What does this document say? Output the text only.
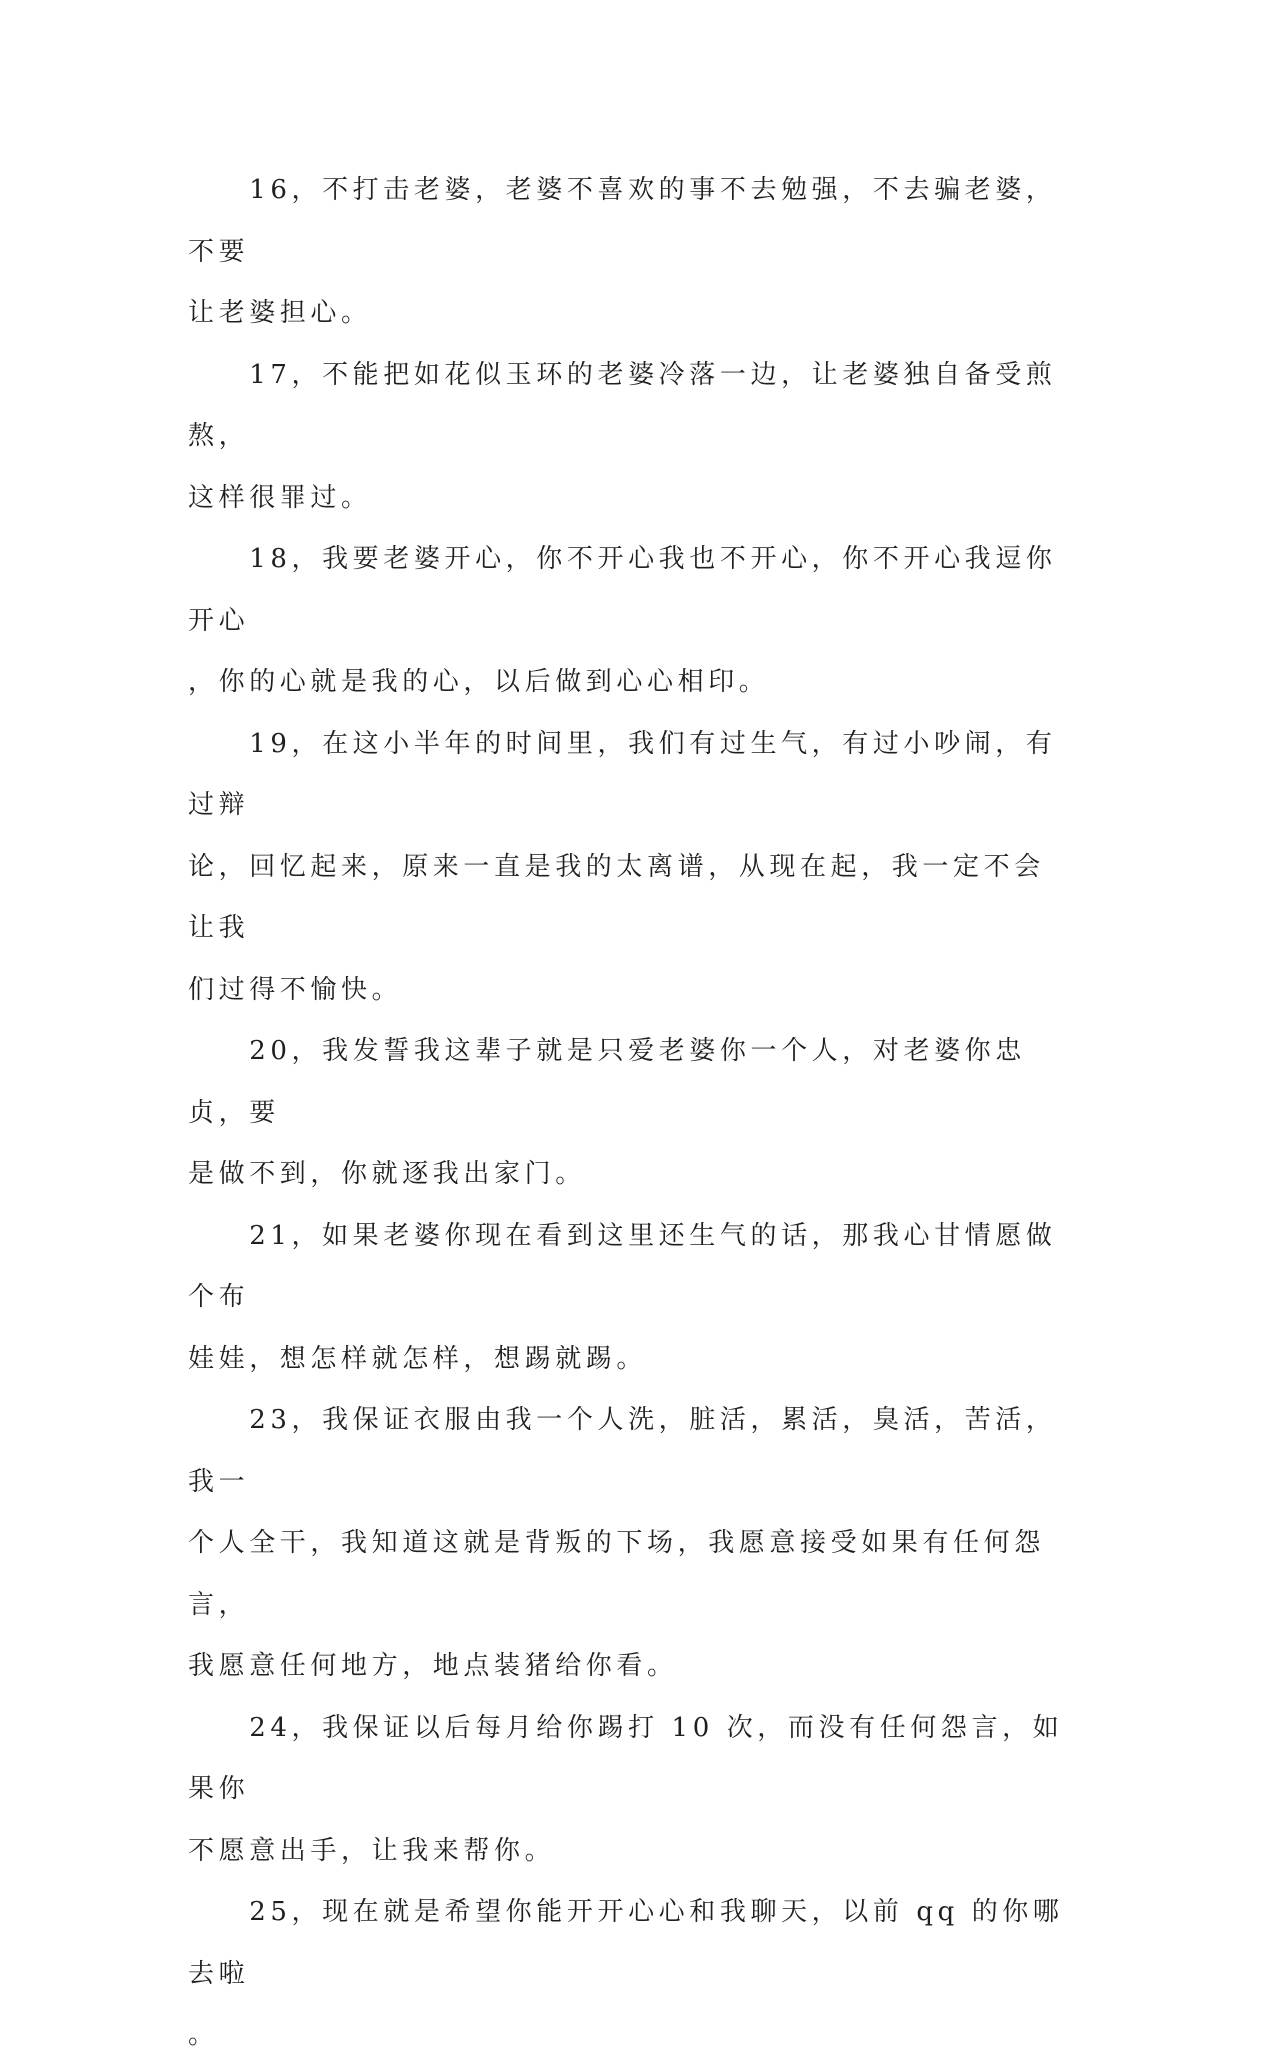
　　16，不打击老婆，老婆不喜欢的事不去勉强，不去骗老婆，不要
让老婆担心。

　　17，不能把如花似玉环的老婆冷落一边，让老婆独自备受煎熬，
这样很罪过。

　　18，我要老婆开心，你不开心我也不开心，你不开心我逗你开心
，你的心就是我的心，以后做到心心相印。

　　19，在这小半年的时间里，我们有过生气，有过小吵闹，有过辩
论，回忆起来，原来一直是我的太离谱，从现在起，我一定不会让我
们过得不愉快。

　　20，我发誓我这辈子就是只爱老婆你一个人，对老婆你忠贞，要
是做不到，你就逐我出家门。

　　21，如果老婆你现在看到这里还生气的话，那我心甘情愿做个布
娃娃，想怎样就怎样，想踢就踢。

　　23，我保证衣服由我一个人洗，脏活，累活，臭活，苦活，我一
个人全干，我知道这就是背叛的下场，我愿意接受如果有任何怨言，
我愿意任何地方，地点装猪给你看。

　　24，我保证以后每月给你踢打 10 次，而没有任何怨言，如果你
不愿意出手，让我来帮你。

　　25，现在就是希望你能开开心心和我聊天，以前 qq 的你哪去啦
。
